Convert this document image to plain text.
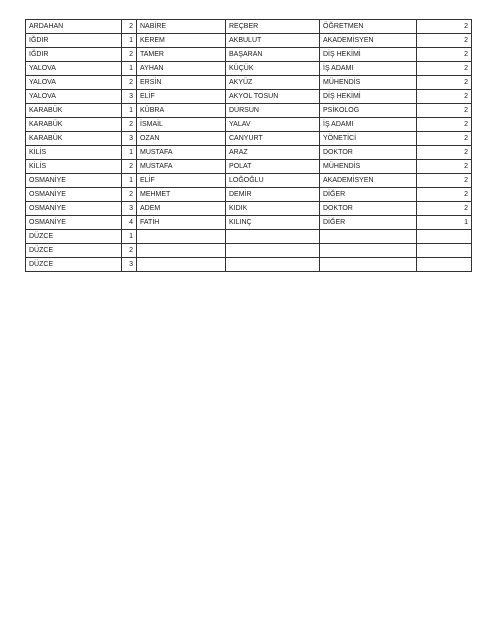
ARDAHAN	2	NABİRE	REÇBER	ÖĞRETMEN	2
IĞDIR	1	KEREM	AKBULUT	AKADEMİSYEN	2
IĞDIR	2	TAMER	BAŞARAN	DİŞ HEKİMİ	2
YALOVA	1	AYHAN	KÜÇÜK	İŞ ADAMI	2
YALOVA	2	ERSİN	AKYÜZ	MÜHENDİS	2
YALOVA	3	ELİF	AKYOL TOSUN	DİŞ HEKİMİ	2
KARABÜK	1	KÜBRA	DURSUN	PSİKOLOG	2
KARABÜK	2	İSMAİL	YALAV	İŞ ADAMI	2
KARABÜK	3	OZAN	CANYURT	YÖNETİCİ	2
KİLİS	1	MUSTAFA	ARAZ	DOKTOR	2
KİLİS	2	MUSTAFA	POLAT	MÜHENDİS	2
OSMANİYE	1	ELİF	LOĞOĞLU	AKADEMİSYEN	2
OSMANİYE	2	MEHMET	DEMİR	DİĞER	2
OSMANİYE	3	ADEM	KIDIK	DOKTOR	2
OSMANİYE	4	FATİH	KILINÇ	DİĞER	1
DÜZCE	1				
DÜZCE	2				
DÜZCE	3				
